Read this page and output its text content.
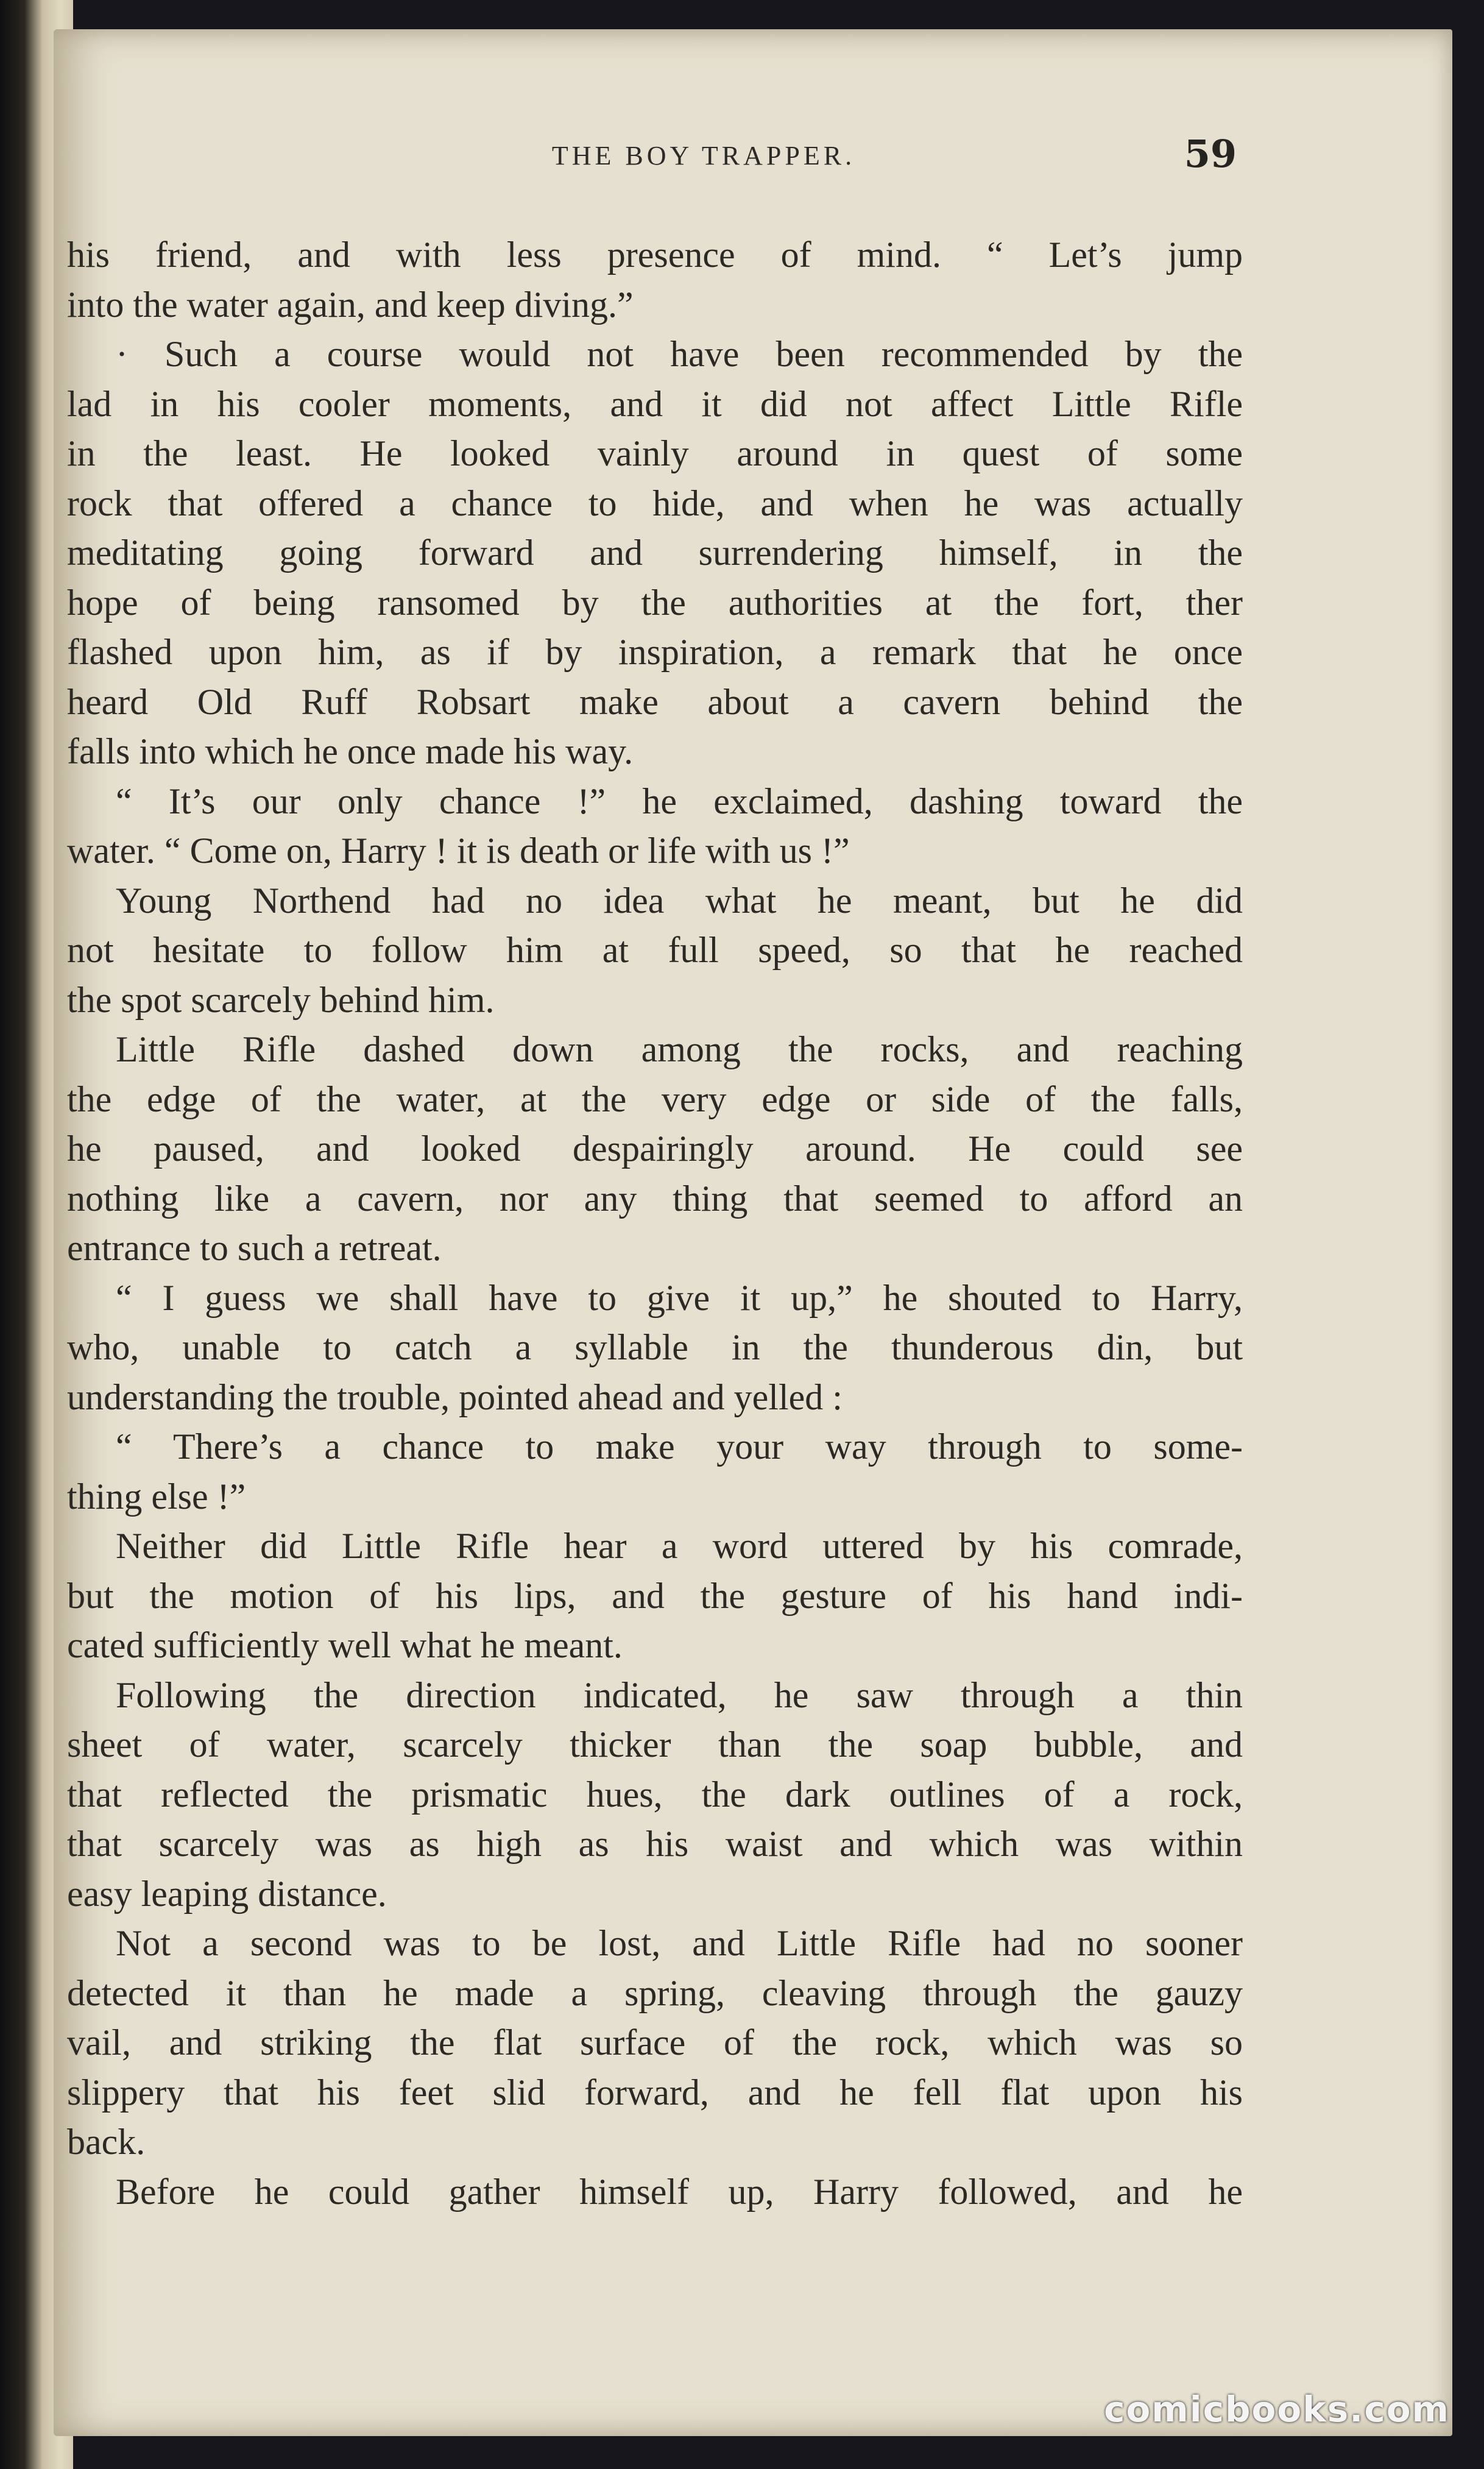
THE BOY TRAPPER.	59
his friend, and with less presence of mind. “ Let’s jump
into the water again, and keep diving.”
· Such a course would not have been recommended by the
lad in his cooler moments, and it did not affect Little Rifle
in the least. He looked vainly around in quest of some
rock that offered a chance to hide, and when he was actually
meditating going forward and surrendering himself, in the
hope of being ransomed by the authorities at the fort, ther
flashed upon him, as if by inspiration, a remark that he once
heard Old Ruff Robsart make about a cavern behind the
falls into which he once made his way.
“ It’s our only chance !” he exclaimed, dashing toward the
water. “ Come on, Harry ! it is death or life with us !”
Young Northend had no idea what he meant, but he did
not hesitate to follow him at full speed, so that he reached
the spot scarcely behind him.
Little Rifle dashed down among the rocks, and reaching
the edge of the water, at the very edge or side of the falls,
he paused, and looked despairingly around. He could see
nothing like a cavern, nor any thing that seemed to afford an
entrance to such a retreat.
“ I guess we shall have to give it up,” he shouted to Harry,
who, unable to catch a syllable in the thunderous din, but
understanding the trouble, pointed ahead and yelled :
“ There’s a chance to make your way through to some-
thing else !”
Neither did Little Rifle hear a word uttered by his comrade,
but the motion of his lips, and the gesture of his hand indi-
cated sufficiently well what he meant.
Following the direction indicated, he saw through a thin
sheet of water, scarcely thicker than the soap bubble, and
that reflected the prismatic hues, the dark outlines of a rock,
that scarcely was as high as his waist and which was within
easy leaping distance.
Not a second was to be lost, and Little Rifle had no sooner
detected it than he made a spring, cleaving through the gauzy
vail, and striking the flat surface of the rock, which was so
slippery that his feet slid forward, and he fell flat upon his
back.
Before he could gather himself up, Harry followed, and he
comicbooks.com
